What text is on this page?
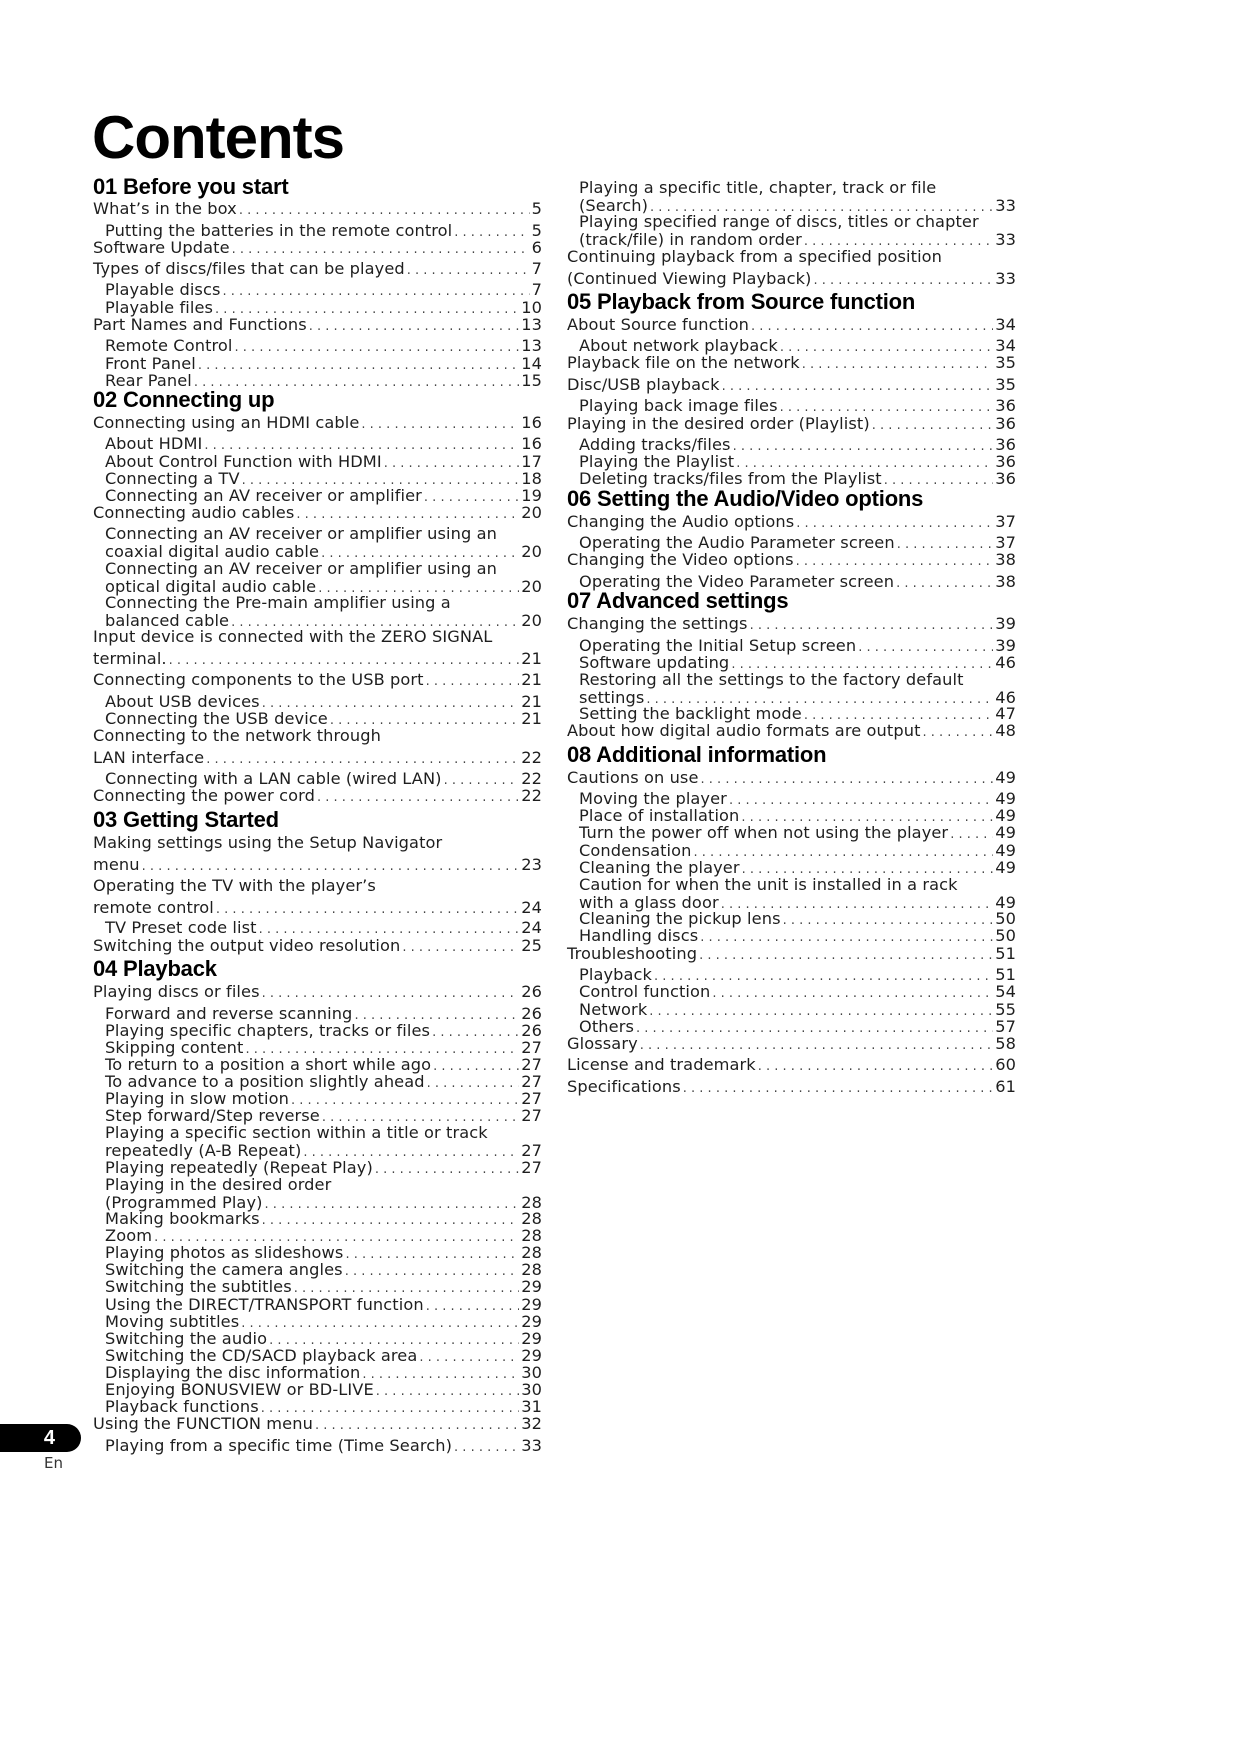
Contents
01 Before you start
What’s in the box . . .	5
Putting the batteries in the remote control . . .	5
Software Update . . .	6
Types of discs/files that can be played . . .	7
Playable discs . . .	7
Playable files . . .	10
Part Names and Functions . . .	13
Remote Control . . .	13
Front Panel . . .	14
Rear Panel . . .	15
02 Connecting up
Connecting using an HDMI cable . . .	16
About HDMI . . .	16
About Control Function with HDMI . . .	17
Connecting a TV . . .	18
Connecting an AV receiver or amplifier . . .	19
Connecting audio cables . . .	20
Connecting an AV receiver or amplifier using an
coaxial digital audio cable . . .	20
Connecting an AV receiver or amplifier using an
optical digital audio cable . . .	20
Connecting the Pre-main amplifier using a
balanced cable . . .	20
Input device is connected with the ZERO SIGNAL
terminal. . . .	21
Connecting components to the USB port . . .	21
About USB devices . . .	21
Connecting the USB device . . .	21
Connecting to the network through
LAN interface . . .	22
Connecting with a LAN cable (wired LAN) . . .	22
Connecting the power cord . . .	22
03 Getting Started
Making settings using the Setup Navigator
menu . . .	23
Operating the TV with the player’s
remote control . . .	24
TV Preset code list . . .	24
Switching the output video resolution . . .	25
04 Playback
Playing discs or files . . .	26
Forward and reverse scanning . . .	26
Playing specific chapters, tracks or files . . .	26
Skipping content . . .	27
To return to a position a short while ago . . .	27
To advance to a position slightly ahead . . .	27
Playing in slow motion . . .	27
Step forward/Step reverse . . .	27
Playing a specific section within a title or track
repeatedly (A-B Repeat) . . .	27
Playing repeatedly (Repeat Play) . . .	27
Playing in the desired order
(Programmed Play) . . .	28
Making bookmarks . . .	28
Zoom . . .	28
Playing photos as slideshows . . .	28
Switching the camera angles . . .	28
Switching the subtitles . . .	29
Using the DIRECT/TRANSPORT function . . .	29
Moving subtitles . . .	29
Switching the audio . . .	29
Switching the CD/SACD playback area . . .	29
Displaying the disc information . . .	30
Enjoying BONUSVIEW or BD-LIVE . . .	30
Playback functions . . .	31
Using the FUNCTION menu . . .	32
Playing from a specific time (Time Search) . . .	33
Playing a specific title, chapter, track or file
(Search) . . .	33
Playing specified range of discs, titles or chapter
(track/file) in random order . . .	33
Continuing playback from a specified position
(Continued Viewing Playback) . . .	33
05 Playback from Source function
About Source function . . .	34
About network playback . . .	34
Playback file on the network . . .	35
Disc/USB playback . . .	35
Playing back image files . . .	36
Playing in the desired order (Playlist) . . .	36
Adding tracks/files . . .	36
Playing the Playlist . . .	36
Deleting tracks/files from the Playlist . . .	36
06 Setting the Audio/Video options
Changing the Audio options . . .	37
Operating the Audio Parameter screen . . .	37
Changing the Video options . . .	38
Operating the Video Parameter screen . . .	38
07 Advanced settings
Changing the settings . . .	39
Operating the Initial Setup screen . . .	39
Software updating . . .	46
Restoring all the settings to the factory default
settings . . .	46
Setting the backlight mode . . .	47
About how digital audio formats are output . . .	48
08 Additional information
Cautions on use . . .	49
Moving the player . . .	49
Place of installation . . .	49
Turn the power off when not using the player . . .	49
Condensation . . .	49
Cleaning the player . . .	49
Caution for when the unit is installed in a rack
with a glass door . . .	49
Cleaning the pickup lens . . .	50
Handling discs . . .	50
Troubleshooting . . .	51
Playback . . .	51
Control function . . .	54
Network . . .	55
Others . . .	57
Glossary . . .	58
License and trademark . . .	60
Specifications . . .	61
4
En
